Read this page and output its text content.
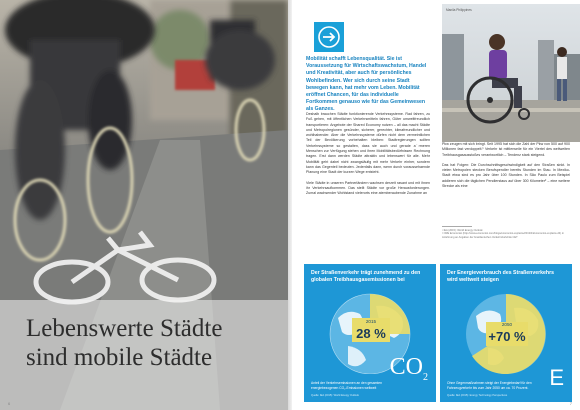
Lebenswerte Städte
sind mobile Städte
6
Mobilität schafft Lebensqualität. Sie ist Voraussetzung für Wirtschaftswachstum, Handel und Kreativität, aber auch für persönliches Wohlbefinden. Wer sich durch seine Stadt bewegen kann, hat mehr vom Leben. Mobilität eröffnet Chancen, für das individuelle Fortkommen genauso wie für das Gemeinwesen als Ganzes.

Deshalb brauchen Städte funktionierende Verkehrssysteme. Rad fahren, zu Fuß gehen, mit öffentlichen Verkehrsmitteln fahren, Güter umweltfreundlich transportieren: Angebote der Shared Economy nutzen – all das macht Städte und Metropolregionen gesünder, sicherer, gerechter, klimafreundlicher und wohlhabender. Aber die Verkehrssysteme dürfen nicht dem vermeintlichen Teil der Bevölkerung vorbehalten bleiben: Stadtregierungen sollten Verkehrssysteme so gestalten, dass sie auch und gerade a ̈rmeren Menschen zur Verfügung stehen und ihren Mobilitätsbedürfnissen Rechnung tragen. Erst dann werden Städte attraktiv und lebenswert für alle. Mehr Mobilität geht dabei nicht zwangsläufig mit mehr Verkehr einher, sondern kann das Gegenteil bedeuten. Jedenfalls dann, wenn durch voraussehaende Planung eine Stadt der kurzen Wege entsteht.

Viele Städte in unseren Partnerländern wachsen derzeit rasant und mit ihnen ihr Verkehrsaufkommen. Das stellt Städte vor große Herausforderungen. Zumal wachsender Wohlstand vielerorts eine atemberaubende Zunahme an

Manila Philippines

Pkw zeugen mit sich bringt. Seit 1995 hat sich die Zahl der Pkw von 500 auf 900 Millionen fast verdoppelt.¹ Verkehr ist mittlerweile für ein Viertel des weltweiten Treibhausgasausstoßes verantwortlich – Tendenz stark steigend.

Das hat Folgen: Die Durchschnittsgeschwindigkeit auf den Straßen sinkt. In vielen Metropolen stecken Berufspendler bereits Stunden im Stau. In Mexiko-Stadt etwa sind es pro Jahr über 100 Stunden. In São Paulo zum Beispiel addieren sich die täglichen Pendlerstaus auf über 300 Kilometer² – eine weitere Strecke als eine

¹ IEA (2015): World Energy Outlook
² ORE Economist (http://www.economist.com/blogs/economist-explains/2013/04/economist-explains-24) in Anlehnung an Angaben der brasilianischen Verkehrsbehörde CET
Der Straßenverkehr trägt zunehmend zu den globalen Treibhausgasemissionen bei
2015
28 %
Anteil der Verkehrsemissionen an den gesamten energiebezogenen CO₂-Emissionen weltweit
Quelle: IEA (2015): World Energy Outlook
$CO_2$
Der Energieverbrauch des Straßenverkehrs wird weltweit steigen
2050
+70 %
Ohne Gegenmaßnahmen steigt der Energiebedarf für den Fahrzeugverkehr bis zum Jahr 2050 um ca. 70 Prozent.
Quelle: IEA (2015): Energy Technology Perspectives
E
7
